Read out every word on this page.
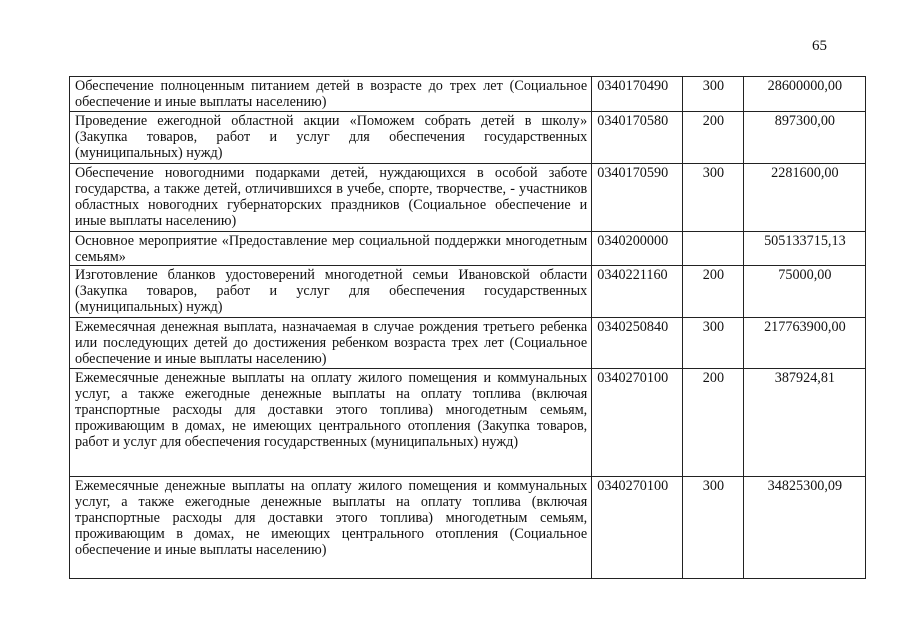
65
Обеспечение полноценным питанием детей в возрасте до трех лет (Социальное обеспечение и иные выплаты населению)	0340170490	300	28600000,00
Проведение ежегодной областной акции «Поможем собрать детей в школу» (Закупка товаров, работ и услуг для обеспечения государственных (муниципальных) нужд)	0340170580	200	897300,00
Обеспечение новогодними подарками детей, нуждающихся в особой заботе государства, а также детей, отличившихся в учебе, спорте, творчестве, - участников областных новогодних губернаторских праздников (Социальное обеспечение и иные выплаты населению)	0340170590	300	2281600,00
Основное мероприятие «Предоставление мер социальной поддержки многодетным семьям»	0340200000		505133715,13
Изготовление бланков удостоверений многодетной семьи Ивановской области (Закупка товаров, работ и услуг для обеспечения государственных (муниципальных) нужд)	0340221160	200	75000,00
Ежемесячная денежная выплата, назначаемая в случае рождения третьего ребенка или последующих детей до достижения ребенком возраста трех лет (Социальное обеспечение и иные выплаты населению)	0340250840	300	217763900,00
Ежемесячные денежные выплаты на оплату жилого помещения и коммунальных услуг, а также ежегодные денежные выплаты на оплату топлива (включая транспортные расходы для доставки этого топлива) многодетным семьям, проживающим в домах, не имеющих центрального отопления (Закупка товаров, работ и услуг для обеспечения государственных (муниципальных) нужд)	0340270100	200	387924,81
Ежемесячные денежные выплаты на оплату жилого помещения и коммунальных услуг, а также ежегодные денежные выплаты на оплату топлива (включая транспортные расходы для доставки этого топлива) многодетным семьям, проживающим в домах, не имеющих центрального отопления (Социальное обеспечение и иные выплаты населению)	0340270100	300	34825300,09
